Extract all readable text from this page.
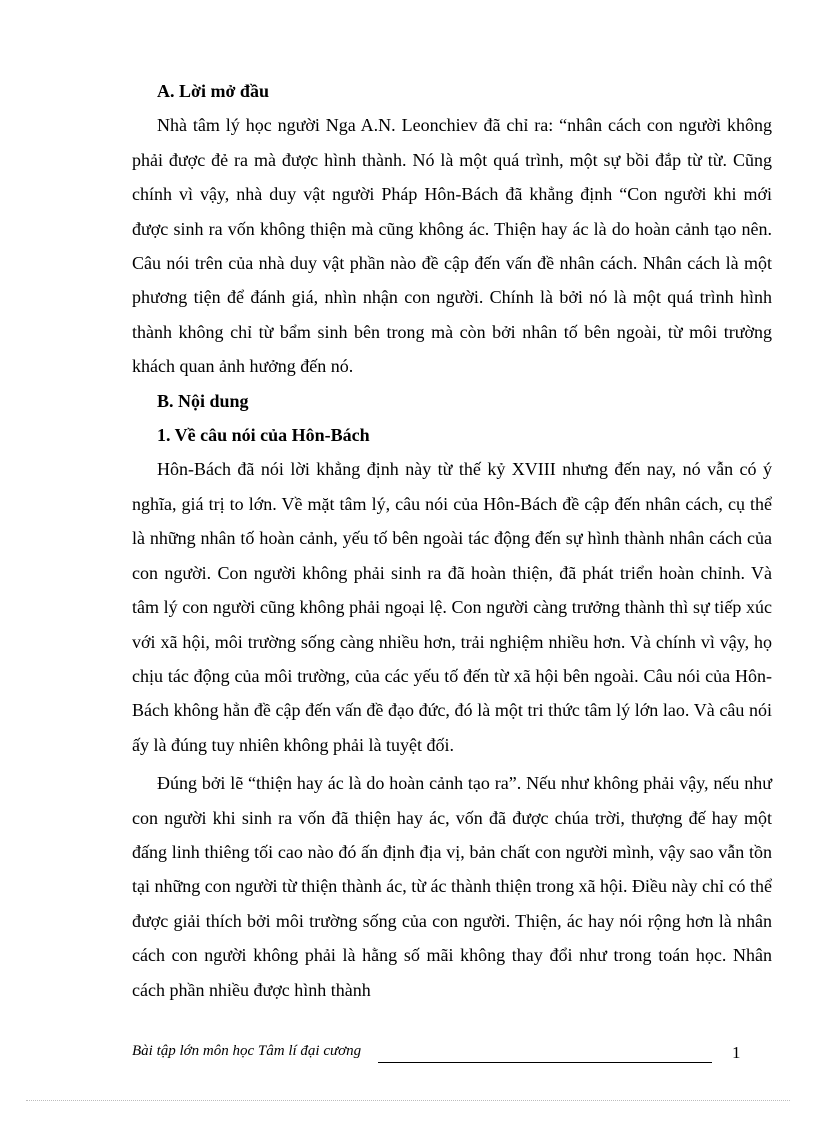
A. Lời mở đầu

Nhà tâm lý học người Nga A.N. Leonchiev đã chỉ ra: “nhân cách con người không phải được đẻ ra mà được hình thành. Nó là một quá trình, một sự bồi đắp từ từ. Cũng chính vì vậy, nhà duy vật người Pháp Hôn-Bách đã khẳng định “Con người khi mới được sinh ra vốn không thiện mà cũng không ác. Thiện hay ác là do hoàn cảnh tạo nên. Câu nói trên của nhà duy vật phần nào đề cập đến vấn đề nhân cách. Nhân cách là một phương tiện để đánh giá, nhìn nhận con người. Chính là bởi nó là một quá trình hình thành không chỉ từ bẩm sinh bên trong mà còn bởi nhân tố bên ngoài, từ môi trường khách quan ảnh hưởng đến nó.

B. Nội dung

1. Về câu nói của Hôn-Bách

Hôn-Bách đã nói lời khẳng định này từ thế kỷ XVIII nhưng đến nay, nó vẫn có ý nghĩa, giá trị to lớn. Về mặt tâm lý, câu nói của Hôn-Bách đề cập đến nhân cách, cụ thể là những nhân tố hoàn cảnh, yếu tố bên ngoài tác động đến sự hình thành nhân cách của con người. Con người không phải sinh ra đã hoàn thiện, đã phát triển hoàn chỉnh. Và tâm lý con người cũng không phải ngoại lệ. Con người càng trưởng thành thì sự tiếp xúc với xã hội, môi trường sống càng nhiều hơn, trải nghiệm nhiều hơn. Và chính vì vậy, họ chịu tác động của môi trường, của các yếu tố đến từ xã hội bên ngoài. Câu nói của Hôn-Bách không hẳn đề cập đến vấn đề đạo đức, đó là một tri thức tâm lý lớn lao. Và câu nói ấy là đúng tuy nhiên không phải là tuyệt đối.

Đúng bởi lẽ “thiện hay ác là do hoàn cảnh tạo ra”. Nếu như không phải vậy, nếu như con người khi sinh ra vốn đã thiện hay ác, vốn đã được chúa trời, thượng đế hay một đấng linh thiêng tối cao nào đó ấn định địa vị, bản chất con người mình, vậy sao vẫn tồn tại những con người từ thiện thành ác, từ ác thành thiện trong xã hội. Điều này chỉ có thể được giải thích bởi môi trường sống của con người. Thiện, ác hay nói rộng hơn là nhân cách con người không phải là hằng số mãi không thay đổi như trong toán học. Nhân cách phần nhiều được hình thành

Bài tập lớn môn học Tâm lí đại cương	1
